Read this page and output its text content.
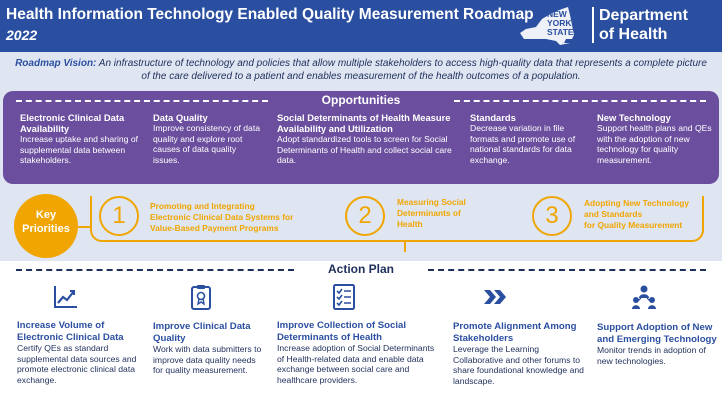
Health Information Technology Enabled Quality Measurement Roadmap
2022
NEW
YORK
STATE
Department
of Health
Roadmap Vision: An infrastructure of technology and policies that allow multiple stakeholders to access high-quality data that represents a complete picture of the care delivered to a patient and enables measurement of the health outcomes of a population.
Opportunities
Electronic Clinical Data Availability
Increase uptake and sharing of supplemental data between stakeholders.
Data Quality
Improve consistency of data quality and explore root causes of data quality issues.
Social Determinants of Health Measure Availability and Utilization
Adopt standardized tools to screen for Social Determinants of Health and collect social care data.
Standards
Decrease variation in file formats and promote use of national standards for data exchange.
New Technology
Support health plans and QEs with the adoption of new technology for quality measurement.
Key
Priorities	1	Promoting and Integrating
Electronic Clinical Data Systems for
Value-Based Payment Programs	2	Measuring Social
Determinants of
Health	3	Adopting New Technology
and Standards
for Quality Measurement
Action Plan
Increase Volume of Electronic Clinical Data
Certify QEs as standard supplemental data sources and promote electronic clinical data exchange.
Improve Clinical Data Quality
Work with data submitters to improve data quality needs for quality measurement.
Improve Collection of Social Determinants of Health
Increase adoption of Social Determinants of Health-related data and enable data exchange between social care and healthcare providers.
Promote Alignment Among Stakeholders
Leverage the Learning Collaborative and other forums to share foundational knowledge and landscape.
Support Adoption of New and Emerging Technology
Monitor trends in adoption of new technologies.
